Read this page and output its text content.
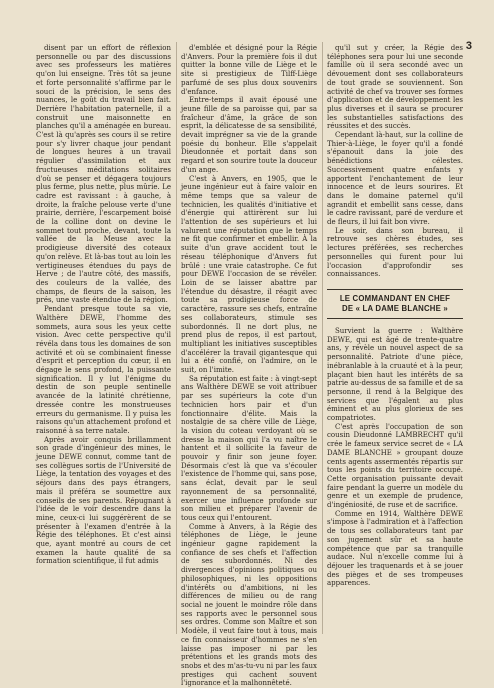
3

disent par un effort de réflexion personnelle ou par des discussions avec ses professeurs les matières qu'on lui enseigne. Très tôt sa jeune et forte personnalité s'affirme par le souci de la précision, le sens des nuances, le goût du travail bien fait. Derrière l'habitation paternelle, il a construit une maisonnette en planches qu'il a aménagée en bureau. C'est là qu'après ses cours il se retire pour s'y livrer chaque jour pendant de longues heures à un travail régulier d'assimilation et aux fructueuses méditations solitaires d'où se penser et dégagera toujours plus ferme, plus nette, plus mûrie. Le cadre est ravissant : à gauche, à droite, la fraîche pelouse verte d'une prairie, derrière, l'escarpement boisé de la colline dont on devine le sommet tout proche, devant, toute la vallée de la Meuse avec la prodigieuse diversité des coteaux qu'on relève. Et là-bas tout au loin les vertigineuses étendues du pays de Herve ; de l'autre côté, des massifs, des couleurs de la vallée, des champs, de fleurs de la saison, les prés, une vaste étendue de la région.

Pendant presque toute sa vie, Walthère DEWE, l'homme des sommets, aura sous les yeux cette vision. Avec cette perspective qu'il révéla dans tous les domaines de son activité et où se combinaient finesse d'esprit et perception du cœur, il en dégage le sens profond, la puissante signification. Il y lut l'énigme du destin de son peuple sentinelle avancée de la latinité chrétienne, dressée contre les monstrueuses erreurs du germanisme. Il y puisa les raisons qu'un attachement profond et raisonné à sa terre natale.

Après avoir conquis brillamment son grade d'ingénieur des mines, le jeune DEWE connut, comme tant de ses collègues sortis de l'Université de Liège, la tentation des voyages et des séjours dans des pays étrangers, mais il préféra se soumettre aux conseils de ses parents. Répugnant à l'idée de le voir descendre dans la mine, ceux-ci lui suggérèrent de se présenter à l'examen d'entrée à la Régie des téléphones. Et c'est ainsi que, ayant montré au cours de cet examen la haute qualité de sa formation scientifique, il fut admis

d'emblée et désigné pour la Régie d'Anvers. Pour la première fois il dut quitter la bonne ville de Liège et le site si prestigieux de Tilff-Liège parfumé de ses plus doux souvenirs d'enfance.

Entre-temps il avait épousé une jeune fille de sa paroisse qui, par sa fraîcheur d'âme, la grâce de son esprit, la délicatesse de sa sensibilité, devait imprégner sa vie de la grande poésie du bonheur. Elle s'appelait Dieudonnée et portait dans son regard et son sourire toute la douceur d'un ange.

C'est à Anvers, en 1905, que le jeune ingénieur eut à faire valoir en même temps que sa valeur de technicien, les qualités d'initiative et d'énergie qui attirèrent sur lui l'attention de ses supérieurs et lui valurent une réputation que le temps ne fit que confirmer et embellir. À la suite d'un grave accident tout le réseau téléphonique d'Anvers fut brûlé : une vraie catastrophe. Ce fut pour DEWE l'occasion de se révéler. Loin de se laisser abattre par l'étendue du désastre, il réagit avec toute sa prodigieuse force de caractère, rassure ses chefs, entraîne ses collaborateurs, stimule ses subordonnés. Il ne dort plus, ne prend plus de repos, il est partout, multipliant les initiatives susceptibles d'accélérer la travail gigantesque qui lui a été confié, on l'admire, on le suit, on l'imite.

Sa réputation est faite : à vingt-sept ans Walthère DEWE se voit attribuer par ses supérieurs la cote d'un technicien hors pair et d'un fonctionnaire d'élite. Mais la nostalgie de sa chère ville de Liège, la vision du coteau verdoyant où se dresse la maison qui l'a vu naître le hantent et il sollicite la faveur de pouvoir y finir son jeune foyer. Désormais c'est là que va s'écouler l'existence de l'homme qui, sans pose, sans éclat, devait par le seul rayonnement de sa personnalité, exercer une influence profonde sur son milieu et préparer l'avenir de tous ceux qui l'entourent.

Comme à Anvers, à la Régie des téléphones de Liège, le jeune ingénieur gagne rapidement la confiance de ses chefs et l'affection de ses subordonnés. Ni des divergences d'opinions politiques ou philosophiques, ni les oppositions d'intérêts ou d'ambitions, ni les différences de milieu ou de rang social ne jouent le moindre rôle dans ses rapports avec le personnel sous ses ordres. Comme son Maître et son Modèle, il veut faire tout à tous, mais ce fin connaisseur d'hommes ne s'en laisse pas imposer ni par les prétentions et les grands mots des snobs et des m'as-tu-vu ni par les faux prestiges qui cachent souvent l'ignorance et la malhonnêteté.

qu'il sut y créer, la Régie des téléphones sera pour lui une seconde famille où il sera secondé avec un dévouement dont ses collaborateurs de tout grade se souviennent. Son activité de chef va trouver ses formes d'application et de développement les plus diverses et il saura se procurer les substantielles satisfactions des réussites et des succès.

Cependant là-haut, sur la colline de Thier-à-Liège, le foyer qu'il a fondé s'épanouit dans la joie des bénédictions célestes. Successivement quatre enfants y apportent l'enchantement de leur innocence et de leurs sourires. Et dans le domaine paternel qu'il agrandit et embellit sans cesse, dans le cadre ravissant, paré de verdure et de fleurs, il lui fait bon vivre.

Le soir, dans son bureau, il retrouve ses chères études, ses lectures préférées, ses recherches personnelles qui furent pour lui l'occasion d'approfondir ses connaissances.

LE COMMANDANT EN CHEF
DE « LA DAME BLANCHE »

Survient la guerre : Walthère DEWE, qui est âgé de trente-quatre ans, y révèle un nouvel aspect de sa personnalité. Patriote d'une pièce, inébranlable à la cruauté et à la peur, plaçant bien haut les intérêts de sa patrie au-dessus de sa famille et de sa personne, il rend à la Belgique des services que l'égalent au plus éminent et au plus glorieux de ses compatriotes.

C'est après l'occupation de son cousin Dieudonné LAMBRECHT qu'il crée le fameux service secret de « LA DAME BLANCHE » groupant douze cents agents assermentés répartis sur tous les points du territoire occupé. Cette organisation puissante devait faire pendant la guerre un modèle du genre et un exemple de prudence, d'ingéniosité, de ruse et de sacrifice.

Comme en 1914, Walthère DEWE s'impose à l'admiration et à l'affection de tous ses collaborateurs tant par son jugement sûr et sa haute compétence que par sa tranquille audace. Nul n'excelle comme lui à déjouer les traquenards et à se jouer des pièges et de ses trompeuses apparences.
